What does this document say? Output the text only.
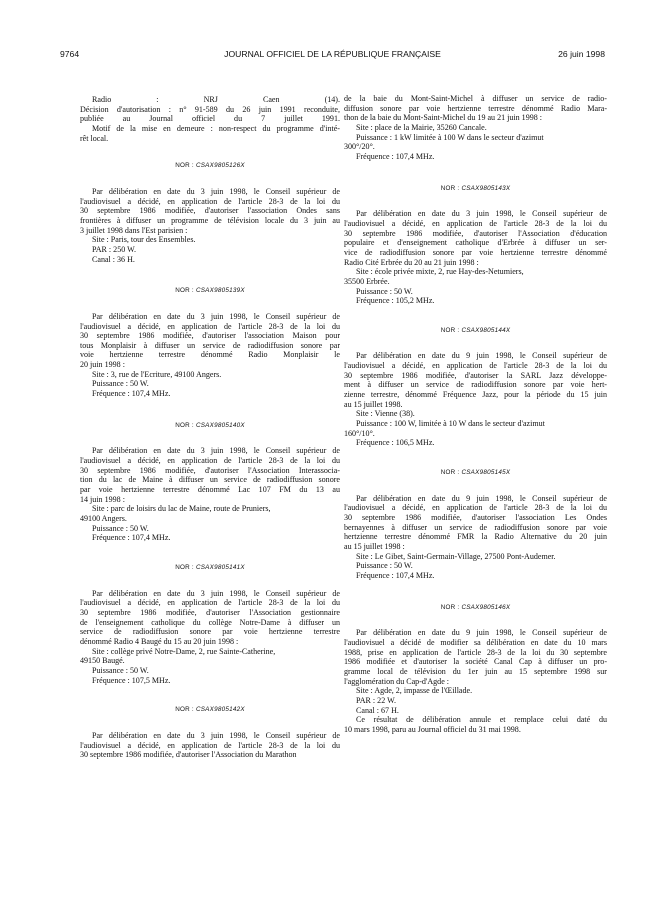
9764	JOURNAL OFFICIEL DE LA RÉPUBLIQUE FRANÇAISE	26 juin 1998

Radio : NRJ Caen (14).

Décision d'autorisation : n° 91-589 du 26 juin 1991 reconduite,

publiée au Journal officiel du 7 juillet 1991.

Motif de la mise en demeure : non-respect du programme d'inté-

rêt local.

NOR : CSAX9805126X

Par délibération en date du 3 juin 1998, le Conseil supérieur de

l'audiovisuel a décidé, en application de l'article 28-3 de la loi du

30 septembre 1986 modifiée, d'autoriser l'association Ondes sans

frontières à diffuser un programme de télévision locale du 3 juin au

3 juillet 1998 dans l'Est parisien :

Site : Paris, tour des Ensembles.

PAR : 250 W.

Canal : 36 H.

NOR : CSAX9805139X

Par délibération en date du 3 juin 1998, le Conseil supérieur de

l'audiovisuel a décidé, en application de l'article 28-3 de la loi du

30 septembre 1986 modifiée, d'autoriser l'association Maison pour

tous Monplaisir à diffuser un service de radiodiffusion sonore par

voie hertzienne terrestre dénommé Radio Monplaisir le

20 juin 1998 :

Site : 3, rue de l'Ecriture, 49100 Angers.

Puissance : 50 W.

Fréquence : 107,4 MHz.

NOR : CSAX9805140X

Par délibération en date du 3 juin 1998, le Conseil supérieur de

l'audiovisuel a décidé, en application de l'article 28-3 de la loi du

30 septembre 1986 modifiée, d'autoriser l'Association Interassocia-

tion du lac de Maine à diffuser un service de radiodiffusion sonore

par voie hertzienne terrestre dénommé Lac 107 FM du 13 au

14 juin 1998 :

Site : parc de loisirs du lac de Maine, route de Pruniers,

49100 Angers.

Puissance : 50 W.

Fréquence : 107,4 MHz.

NOR : CSAX9805141X

Par délibération en date du 3 juin 1998, le Conseil supérieur de

l'audiovisuel a décidé, en application de l'article 28-3 de la loi du

30 septembre 1986 modifiée, d'autoriser l'Association gestionnaire

de l'enseignement catholique du collège Notre-Dame à diffuser un

service de radiodiffusion sonore par voie hertzienne terrestre

dénommé Radio 4 Baugé du 15 au 20 juin 1998 :

Site : collège privé Notre-Dame, 2, rue Sainte-Catherine,

49150 Baugé.

Puissance : 50 W.

Fréquence : 107,5 MHz.

NOR : CSAX9805142X

Par délibération en date du 3 juin 1998, le Conseil supérieur de

l'audiovisuel a décidé, en application de l'article 28-3 de la loi du

30 septembre 1986 modifiée, d'autoriser l'Association du Marathon

de la baie du Mont-Saint-Michel à diffuser un service de radio-

diffusion sonore par voie hertzienne terrestre dénommé Radio Mara-

thon de la baie du Mont-Saint-Michel du 19 au 21 juin 1998 :

Site : place de la Mairie, 35260 Cancale.

Puissance : 1 kW limitée à 100 W dans le secteur d'azimut

300°/20°.

Fréquence : 107,4 MHz.

NOR : CSAX9805143X

Par délibération en date du 3 juin 1998, le Conseil supérieur de

l'audiovisuel a décidé, en application de l'article 28-3 de la loi du

30 septembre 1986 modifiée, d'autoriser l'Association d'éducation

populaire et d'enseignement catholique d'Erbrée à diffuser un ser-

vice de radiodiffusion sonore par voie hertzienne terrestre dénommé

Radio Cité Erbrée du 20 au 21 juin 1998 :

Site : école privée mixte, 2, rue Hay-des-Netumiers,

35500 Erbrée.

Puissance : 50 W.

Fréquence : 105,2 MHz.

NOR : CSAX9805144X

Par délibération en date du 9 juin 1998, le Conseil supérieur de

l'audiovisuel a décidé, en application de l'article 28-3 de la loi du

30 septembre 1986 modifiée, d'autoriser la SARL Jazz développe-

ment à diffuser un service de radiodiffusion sonore par voie hert-

zienne terrestre, dénommé Fréquence Jazz, pour la période du 15 juin

au 15 juillet 1998.

Site : Vienne (38).

Puissance : 100 W, limitée à 10 W dans le secteur d'azimut

160°/10°.

Fréquence : 106,5 MHz.

NOR : CSAX9805145X

Par délibération en date du 9 juin 1998, le Conseil supérieur de

l'audiovisuel a décidé, en application de l'article 28-3 de la loi du

30 septembre 1986 modifiée, d'autoriser l'association Les Ondes

bernayennes à diffuser un service de radiodiffusion sonore par voie

hertzienne terrestre dénommé FMR la Radio Alternative du 20 juin

au 15 juillet 1998 :

Site : Le Gibet, Saint-Germain-Village, 27500 Pont-Audemer.

Puissance : 50 W.

Fréquence : 107,4 MHz.

NOR : CSAX9805146X

Par délibération en date du 9 juin 1998, le Conseil supérieur de

l'audiovisuel a décidé de modifier sa délibération en date du 10 mars

1988, prise en application de l'article 28-3 de la loi du 30 septembre

1986 modifiée et d'autoriser la société Canal Cap à diffuser un pro-

gramme local de télévision du 1er juin au 15 septembre 1998 sur

l'agglomération du Cap-d'Agde :

Site : Agde, 2, impasse de l'Œillade.

PAR : 22 W.

Canal : 67 H.

Ce résultat de délibération annule et remplace celui daté du

10 mars 1998, paru au Journal officiel du 31 mai 1998.
